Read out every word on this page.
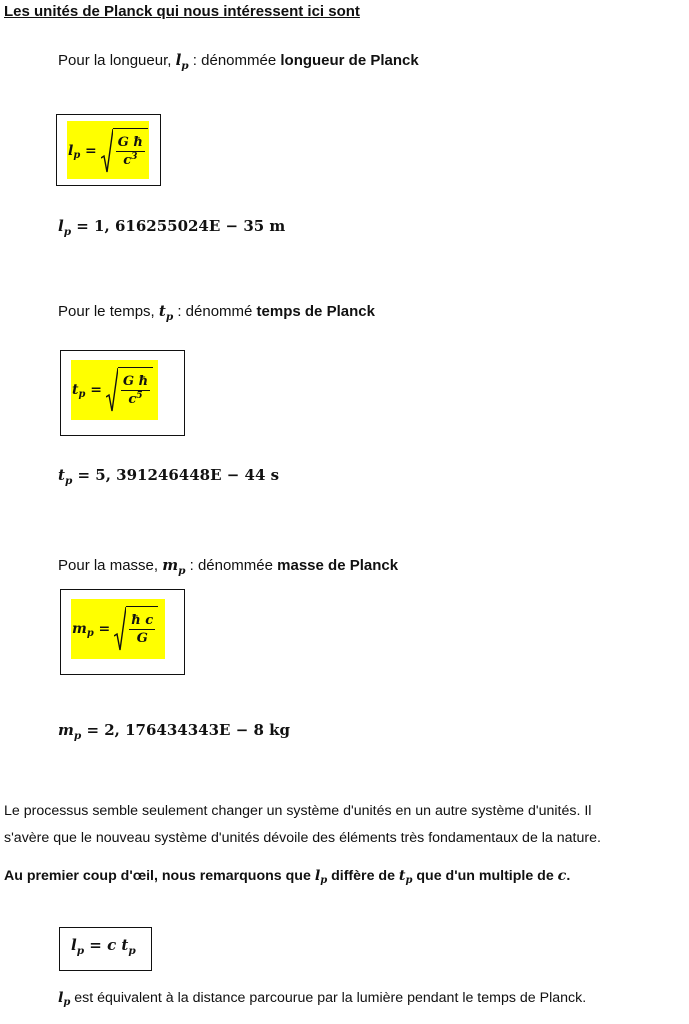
Les unités de Planck qui nous intéressent ici sont
Pour la longueur, $l_p$ : dénommée longueur de Planck
$l_p = \frac{\text{G ħ}}{c^3}$
$l_p = 1$, 616255024E − 35 m
Pour le temps, $t_p$ : dénommé temps de Planck
$t_p = \frac{\text{G ħ}}{c^5}$
$t_p = 5$, 391246448E − 44 s
Pour la masse, $m_p$ : dénommée masse de Planck
$m_p = \frac{\text{ħ c}}{G}$
$m_p = 2$, 176434343E − 8 kg
Le processus semble seulement changer un système d'unités en un autre système d'unités. Il
s'avère que le nouveau système d'unités dévoile des éléments très fondamentaux de la nature.
Au premier coup d'œil, nous remarquons que $l_p$ diffère de $t_p$ que d'un multiple de c.
$l_p = c$ $t_p$
$l_p$ est équivalent à la distance parcourue par la lumière pendant le temps de Planck.
